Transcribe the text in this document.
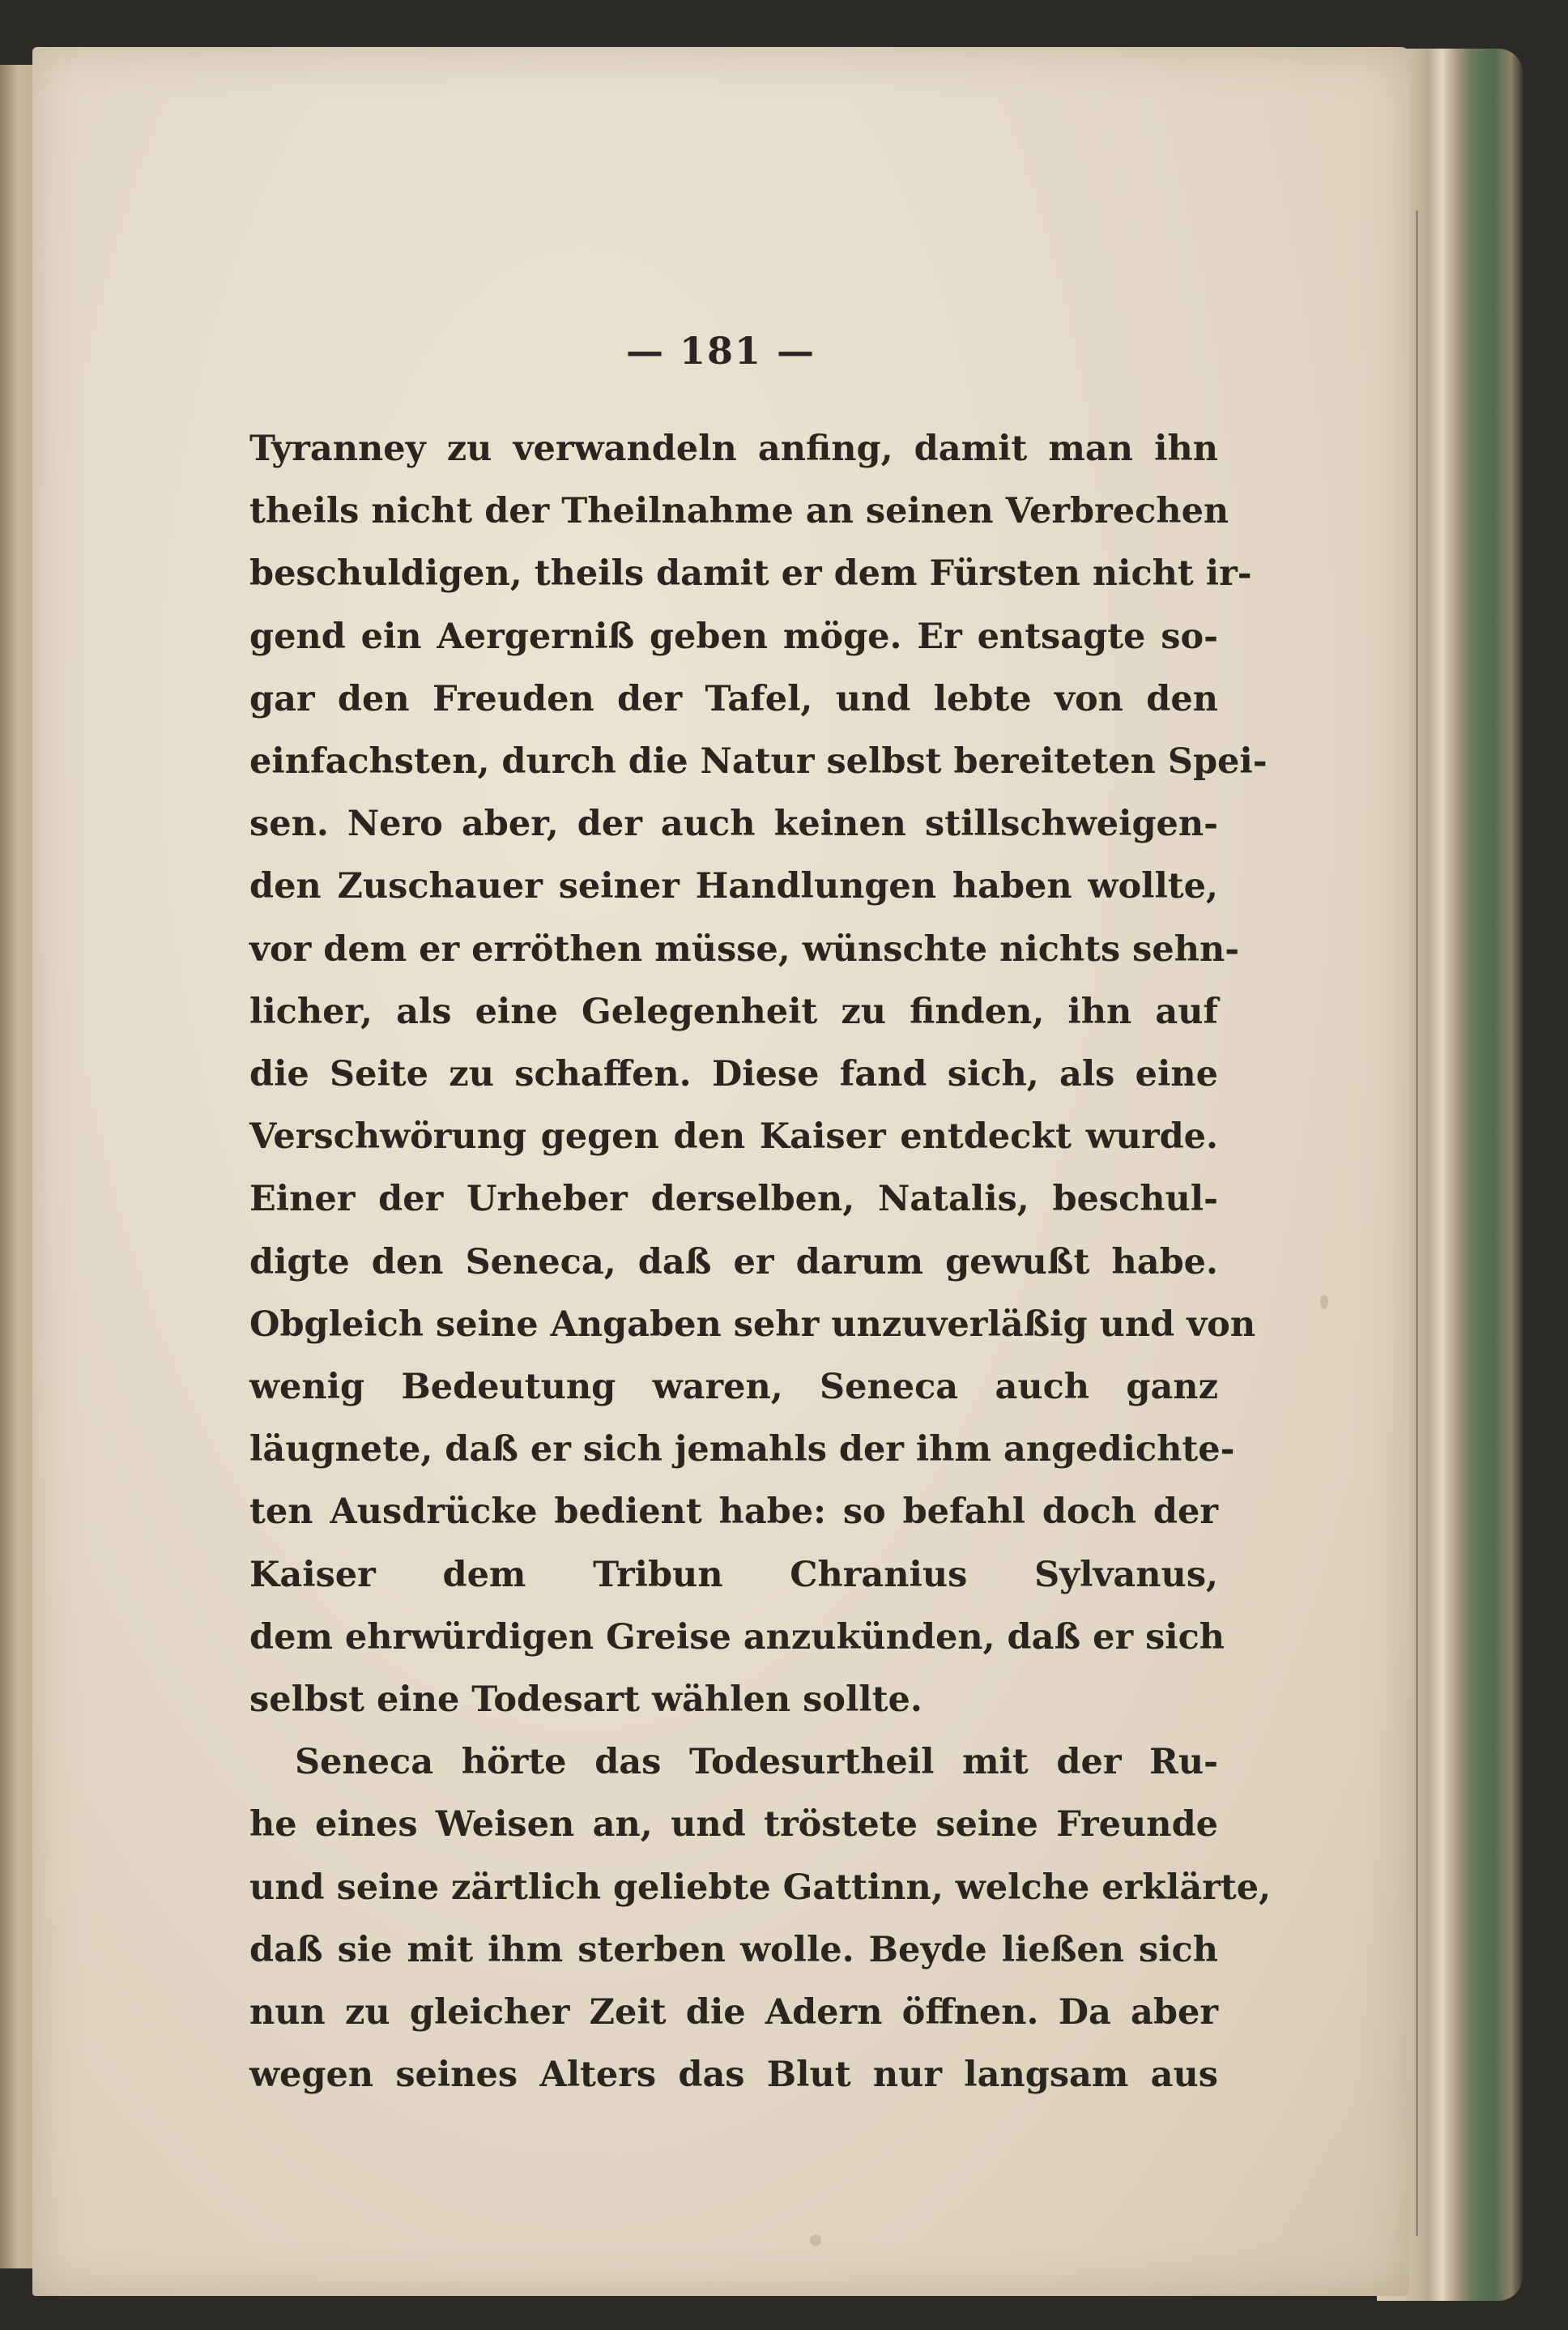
— 181 —
Tyranney zu verwandeln anfing, damit man ihn
theils nicht der Theilnahme an seinen Verbrechen
beschuldigen, theils damit er dem Fürsten nicht ir-
gend ein Aergerniß geben möge. Er entsagte so-
gar den Freuden der Tafel, und lebte von den
einfachsten, durch die Natur selbst bereiteten Spei-
sen. Nero aber, der auch keinen stillschweigen-
den Zuschauer seiner Handlungen haben wollte,
vor dem er erröthen müsse, wünschte nichts sehn-
licher, als eine Gelegenheit zu finden, ihn auf
die Seite zu schaffen. Diese fand sich, als eine
Verschwörung gegen den Kaiser entdeckt wurde.
Einer der Urheber derselben, Natalis, beschul-
digte den Seneca, daß er darum gewußt habe.
Obgleich seine Angaben sehr unzuverläßig und von
wenig Bedeutung waren, Seneca auch ganz
läugnete, daß er sich jemahls der ihm angedichte-
ten Ausdrücke bedient habe: so befahl doch der
Kaiser dem Tribun Chranius Sylvanus,
dem ehrwürdigen Greise anzukünden, daß er sich
selbst eine Todesart wählen sollte.
Seneca hörte das Todesurtheil mit der Ru-
he eines Weisen an, und tröstete seine Freunde
und seine zärtlich geliebte Gattinn, welche erklärte,
daß sie mit ihm sterben wolle. Beyde ließen sich
nun zu gleicher Zeit die Adern öffnen. Da aber
wegen seines Alters das Blut nur langsam aus
